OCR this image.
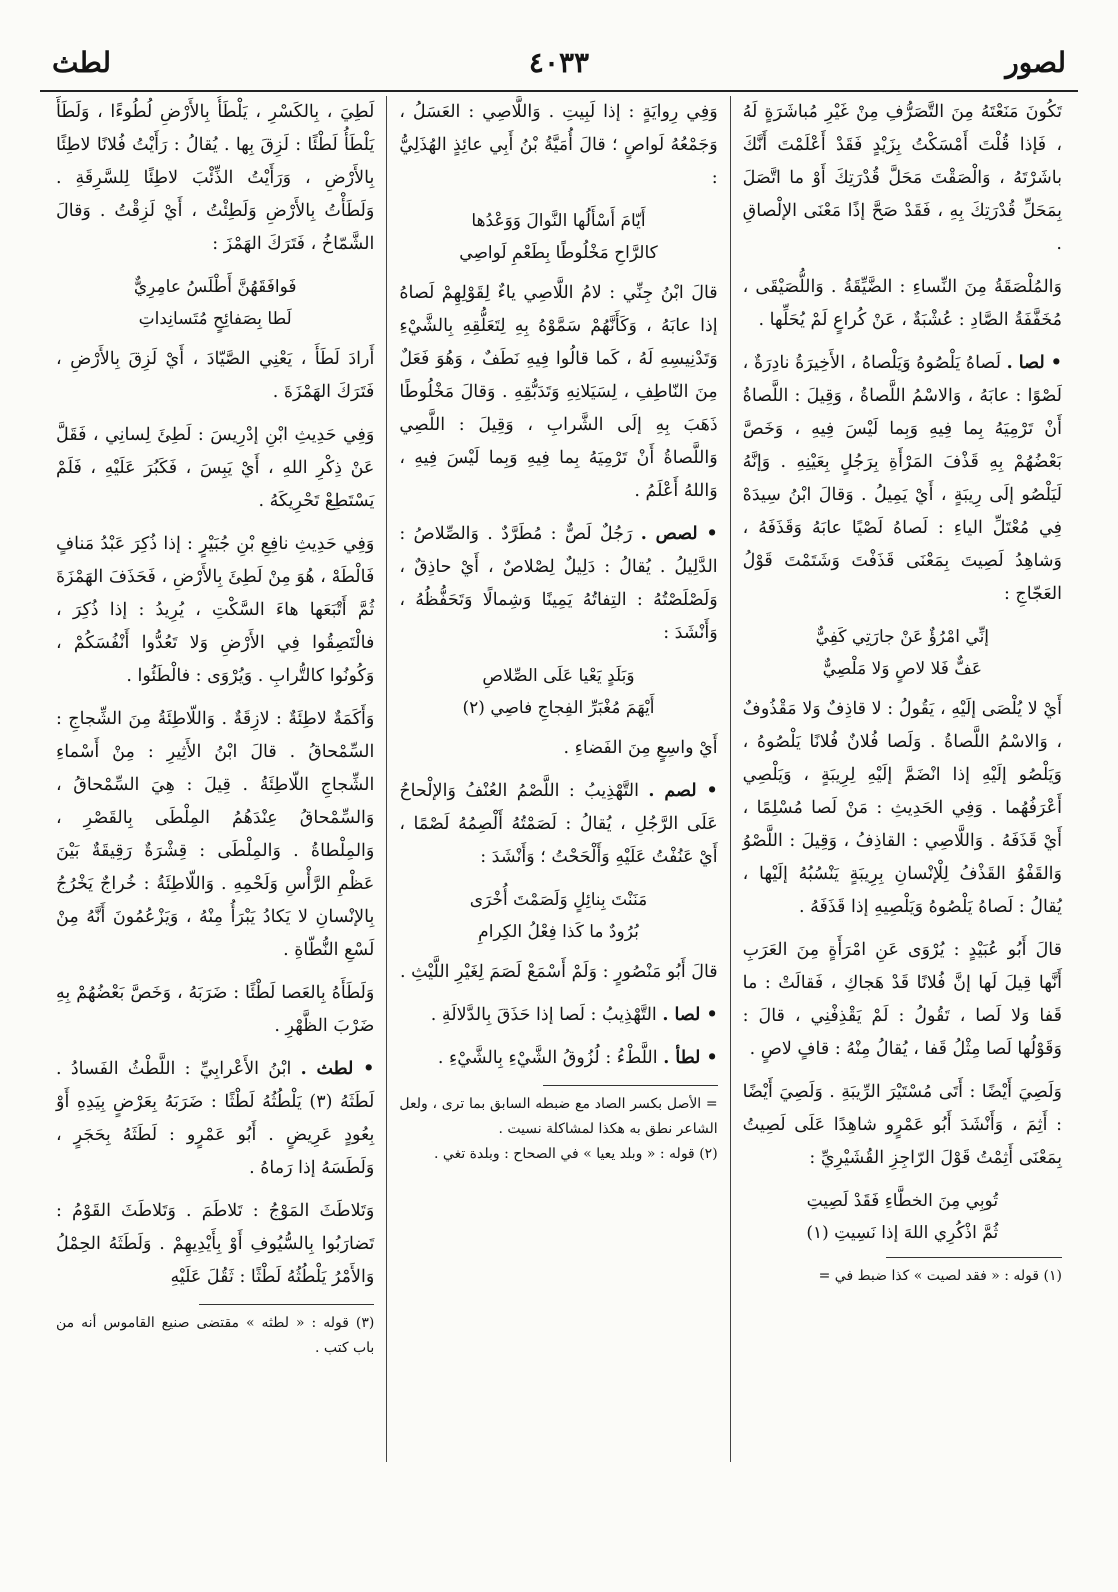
لصور
٤٠٣٣
لطث

تَكُونَ مَنَعْتَهُ مِنَ التَّصَرُّفِ مِنْ غَيْرِ مُباشَرَةٍ لَهُ ، فَإذا قُلْتَ أَمْسَكْتُ بِزَيْدٍ فَقَدْ أَعْلَمْتَ أَنَّكَ باشَرْتَهُ ، وَالْصَقْتَ مَحَلَّ قُدْرَتِكَ أَوْ ما اتَّصَلَ بِمَحَلِّ قُدْرَتِكَ بِهِ ، فَقَدْ صَحَّ إذًا مَعْنَى الإلْصاقِ .

وَالمُلْصَقَةُ مِنَ النِّساءِ : الضَّيِّقَةُ . وَاللُّصَيْقَى ، مُخَفَّفَةُ الصَّادِ : عُشْبَةٌ ، عَنْ كُراعٍ لَمْ يُحَلِّها .

• لصا . لَصاهُ يَلْصُوهُ وَيَلْصاهُ ، الأَخِيرَةُ نادِرَةٌ ، لَصْوًا : عابَهُ ، وَالاسْمُ اللَّصاةُ ، وَقِيلَ : اللَّصاةُ أَنْ تَرْمِيَهُ بِما فِيهِ وَبِما لَيْسَ فِيهِ ، وَخَصَّ بَعْضُهُمْ بِهِ قَذْفَ المَرْأَةِ بِرَجُلٍ بِعَيْنِهِ . وَإنَّهُ لَيَلْصُو إلَى رِيبَةٍ ، أَيْ يَمِيلُ . وَقالَ ابْنُ سِيدَهْ فِي مُعْتَلِّ الياءِ : لَصاهُ لَصْيًا عابَهُ وَقَذَفَهُ ، وَشاهِدُ لَصِيتَ بِمَعْنَى قَذَفْتَ وَشَتَمْتَ قَوْلُ العَجّاجِ :

إنِّي امْرُؤٌ عَنْ جارَتِي كَفِيٌّ
عَفٌّ فَلا لاصٍ وَلا مَلْصِيٌّ

أَيْ لا يُلْصَى إلَيْهِ ، يَقُولُ : لا قاذِفٌ وَلا مَقْذُوفٌ ، وَالاسْمُ اللَّصاةُ . وَلَصا فُلانٌ فُلانًا يَلْصُوهُ ، وَيَلْصُو إلَيْهِ إذا انْضَمَّ إلَيْهِ لِرِيبَةٍ ، وَيَلْصِي أَعْرَفُهُما . وَفِي الحَدِيثِ : مَنْ لَصا مُسْلِمًا ، أَيْ قَذَفَهُ . وَاللَّاصِي : القاذِفُ ، وَقِيلَ : اللَّصْوُ وَالقَفْوُ القَذْفُ لِلْإنْسانِ بِرِيبَةٍ يَنْسُبُهُ إلَيْها ، يُقالُ : لَصاهُ يَلْصُوهُ وَيَلْصِيهِ إذا قَذَفَهُ .

قالَ أَبُو عُبَيْدٍ : يُرْوَى عَنِ امْرَأَةٍ مِنَ العَرَبِ أَنَّها قِيلَ لَها إنَّ فُلانًا قَدْ هَجاكِ ، فَقالَتْ : ما قَفا وَلا لَصا ، تَقُولُ : لَمْ يَقْذِفْنِي ، قالَ : وَقَوْلُها لَصا مِثْلُ قَفا ، يُقالُ مِنْهُ : قافٍ لاصٍ .

وَلَصِيَ أَيْضًا : أَتَى مُسْتَيْرَ الرِّيبَةِ . وَلَصِيَ أَيْضًا : أَثِمَ ، وَأَنْشَدَ أَبُو عَمْرٍو شاهِدًا عَلَى لَصِيتُ بِمَعْنَى أَثِمْتُ قَوْلَ الرّاجِزِ القُشَيْرِيِّ :

تُوبِي مِنَ الخطَّاءِ فَقَدْ لَصِيتِ
ثُمَّ اذْكُرِي اللهَ إذا نَسِيتِ (١)
(١) قوله : « فقد لصيت » كذا ضبط في =

وَفِي رِوايَةٍ : إذا لَبِيتِ . وَاللَّاصِي : العَسَلُ ، وَجَمْعُهُ لَواصٍ ؛ قالَ أُمَيَّةُ بْنُ أَبِي عائِذٍ الهُذَلِيُّ :

أَيّامَ أَسْأَلُها النَّوالَ وَوَعْدُها
كالرَّاحِ مَخْلُوطًا بِطَعْمِ لَواصِي

قالَ ابْنُ جِنِّي : لامُ اللَّاصِي ياءٌ لِقَوْلِهِمْ لَصاهُ إذا عابَهُ ، وَكَأَنَّهُمْ سَمَّوْهُ بِهِ لِتَعَلُّقِهِ بِالشَّيْءِ وَتَدْنِيسِهِ لَهُ ، كَما قالُوا فِيهِ نَطَفٌ ، وَهُوَ فَعَلٌ مِنَ النّاطِفِ ، لِسَيَلانِهِ وَتَدَبُّقِهِ . وَقالَ مَخْلُوطًا ذَهَبَ بِهِ إلَى الشَّرابِ ، وَقِيلَ : اللَّصِي وَاللَّصاةُ أَنْ تَرْمِيَهُ بِما فِيهِ وَبِما لَيْسَ فِيهِ ، وَاللهُ أَعْلَمُ .

• لصص . رَجُلٌ لَصٌّ : مُطَرَّدٌ . وَالصِّلاصُ : الدَّلِيلُ . يُقالُ : دَلِيلٌ لِصْلاصٌ ، أَيْ حاذِقٌ ، وَلَصْلَصْتُهُ : التِفاتُهُ يَمِينًا وَشِمالًا وَتَحَفُّظُهُ ، وَأَنْشَدَ :

وَبَلَدٍ يَعْيا عَلَى الصِّلاصِ
أَيْهَمَ مُغْبَرِّ الفِجاجِ فاصِي (٢)

أَيْ واسِعٍ مِنَ الفَضاءِ .

• لصم . التَّهْذِيبُ : اللَّصْمُ العُنْفُ وَالإلْحاحُ عَلَى الرَّجُلِ ، يُقالُ : لَصَمْتُهُ أَلْصِمُهُ لَصْمًا ، أَيْ عَنُفْتُ عَلَيْهِ وَأَلْحَحْتُ ؛ وَأَنْشَدَ :

مَنَنْتَ بِنائِلٍ وَلَصَمْتَ أُخْرَى
بُرُودٌ ما كَذا فِعْلُ الكِرامِ

قالَ أَبُو مَنْصُورٍ : وَلَمْ أَسْمَعْ لَصَمَ لِغَيْرِ اللَّيْثِ .

• لصا . التَّهْذِيبُ : لَصا إذا حَذَقَ بِالدَّلالَةِ .

• لطأ . اللَّطْءُ : لُزُوقُ الشَّيْءِ بِالشَّيْءِ .

= الأصل بكسر الصاد مع ضبطه السابق بما ترى ، ولعل الشاعر نطق به هكذا لمشاكلة نسيت .
(٢) قوله : « وبلد يعيا » في الصحاح : وبلدة تغي .

لَطِيَ ، بِالكَسْرِ ، يَلْطَأُ بِالأَرْضِ لُطُوءًا ، وَلَطَأَ يَلْطَأُ لَطْئًا : لَزِقَ بِها . يُقالُ : رَأَيْتُ فُلانًا لاطِئًا بِالأَرْضِ ، وَرَأَيْتُ الذِّئْبَ لاطِئًا لِلسَّرِقَةِ . وَلَطَأْتُ بِالأَرْضِ وَلَطِئْتُ ، أَيْ لَزِقْتُ . وَقالَ الشَّمّاخُ ، فَتَرَكَ الهَمْزَ :

فَوافَقَهُنَّ أَطْلَسُ عامِرِيٌّ
لَطا بِصَفائِحٍ مُتَسانِداتِ

أَرادَ لَطَأَ ، يَعْنِي الصَّيّادَ ، أَيْ لَزِقَ بِالأَرْضِ ، فَتَرَكَ الهَمْزَةَ .

وَفِي حَدِيثِ ابْنِ إدْرِيسَ : لَطِئَ لِسانِي ، فَقَلَّ عَنْ ذِكْرِ اللهِ ، أَيْ يَبِسَ ، فَكَبُرَ عَلَيْهِ ، فَلَمْ يَسْتَطِعْ تَحْرِيكَهُ .

وَفِي حَدِيثِ نافِعِ بْنِ جُبَيْرٍ : إذا ذُكِرَ عَبْدُ مَنافٍ فَالْطَهْ ، هُوَ مِنْ لَطِئَ بِالأَرْضِ ، فَحَذَفَ الهَمْزَةَ ثُمَّ أَتْبَعَها هاءَ السَّكْتِ ، يُرِيدُ : إذا ذُكِرَ ، فالْتَصِقُوا فِي الأَرْضِ وَلا تَعُدُّوا أَنْفُسَكُمْ ، وَكُونُوا كالتُّرابِ . وَيُرْوَى : فالْطَئُوا .

وَأَكَمَةٌ لاطِئَةٌ : لازِقَةٌ . وَاللّاطِئَةُ مِنَ الشِّجاجِ : السِّمْحاقُ . قالَ ابْنُ الأَثِيرِ : مِنْ أَسْماءِ الشِّجاجِ اللّاطِئَةُ . قِيلَ : هِيَ السِّمْحاقُ ، وَالسِّمْحاقُ عِنْدَهُمُ المِلْطَى بِالقَصْرِ ، وَالمِلْطاةُ . وَالمِلْطَى : قِشْرَةٌ رَقِيقَةٌ بَيْنَ عَظْمِ الرَّأْسِ وَلَحْمِهِ . وَاللّاطِئَةُ : خُراجٌ يَخْرُجُ بِالإنْسانِ لا يَكادُ يَبْرَأُ مِنْهُ ، وَيَزْعُمُونَ أَنَّهُ مِنْ لَسْعِ النُّطّاةِ .

وَلَطَأَهُ بِالعَصا لَطْئًا : ضَرَبَهُ ، وَخَصَّ بَعْضُهُمْ بِهِ ضَرْبَ الظَّهْرِ .

• لطث . ابْنُ الأَعْرابِيِّ : اللَّطْثُ الفَسادُ . لَطَثَهُ (٣) يَلْطُثُهُ لَطْثًا : ضَرَبَهُ بِعَرْضٍ بِيَدِهِ أَوْ بِعُودٍ عَرِيضٍ . أَبُو عَمْرٍو : لَطَثَهُ بِحَجَرٍ ، وَلَطَسَهُ إذا رَماهُ .

وَتَلاطَثَ المَوْجُ : تَلاطَمَ . وَتَلاطَثَ القَوْمُ : تَضارَبُوا بِالسُّيُوفِ أَوْ بِأَيْدِيهِمْ . وَلَطَثَهُ الحِمْلُ وَالأَمْرُ يَلْطُثُهُ لَطْثًا : ثَقُلَ عَلَيْهِ

(٣) قوله : « لطثه » مقتضى صنيع القاموس أنه من باب كتب .
